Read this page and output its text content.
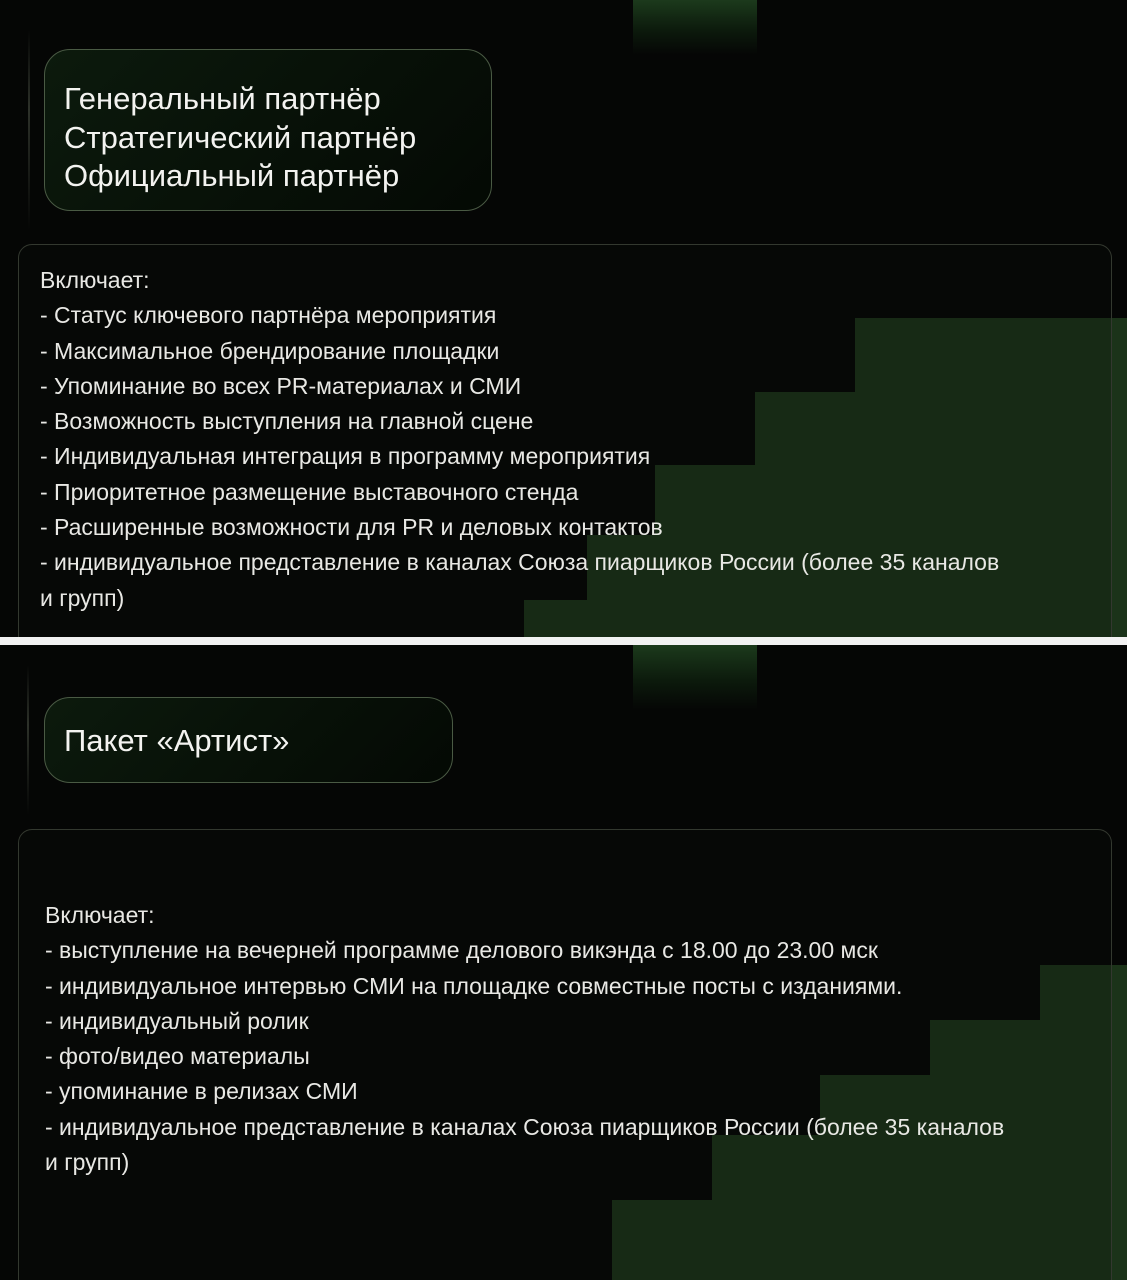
Генеральный партнёр
Стратегический партнёр
Официальный партнёр
Включает:
- Статус ключевого партнёра мероприятия
- Максимальное брендирование площадки
- Упоминание во всех PR-материалах и СМИ
- Возможность выступления на главной сцене
- Индивидуальная интеграция в программу мероприятия
- Приоритетное размещение выставочного стенда
- Расширенные возможности для PR и деловых контактов
- индивидуальное представление в каналах Союза пиарщиков России (более 35 каналов
и групп)
Пакет «Артист»
Включает:
- выступление на вечерней программе делового викэнда с 18.00 до 23.00 мск
- индивидуальное интервью СМИ на площадке совместные посты с изданиями.
- индивидуальный ролик
- фото/видео материалы
- упоминание в релизах СМИ
- индивидуальное представление в каналах Союза пиарщиков России (более 35 каналов
и групп)
